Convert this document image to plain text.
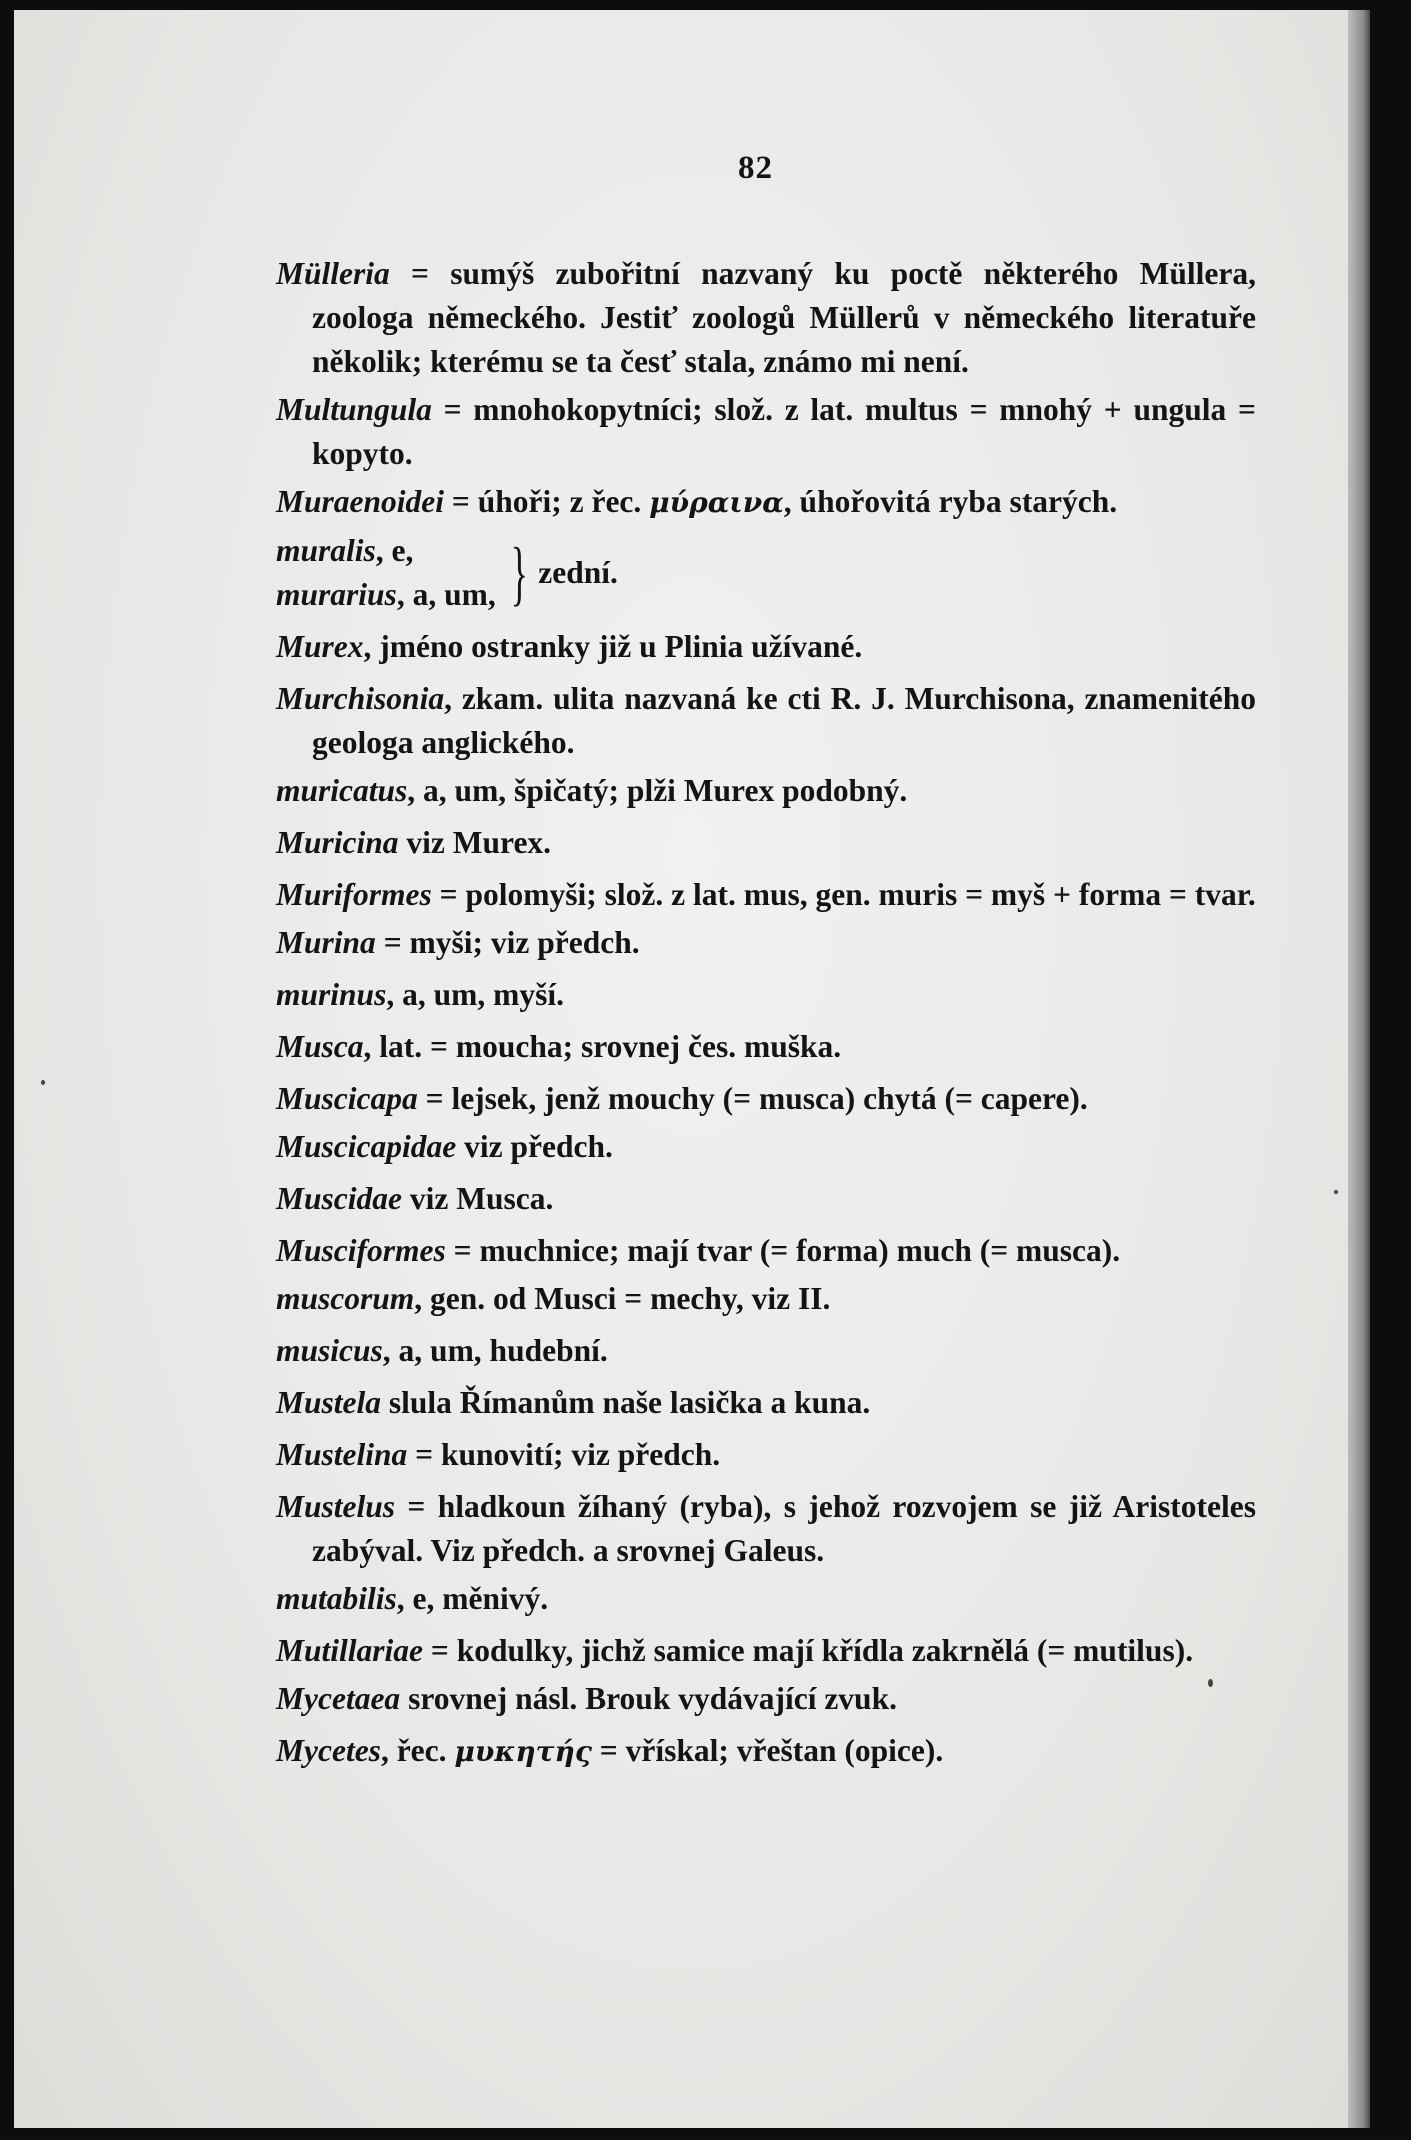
82
Mülleria = sumýš zubořitní nazvaný ku poctě některého Müllera, zoologa německého. Jestiť zoologů Müllerů v německého literatuře několik; kterému se ta česť stala, známo mi není.
Multungula = mnohokopytníci; slož. z lat. multus = mnohý + ungula = kopyto.
Muraenoidei = úhoři; z řec. μύραινα, úhořovitá ryba starých.
muralis, e,
murarius, a, um, } zední.
Murex, jméno ostranky již u Plinia užívané.
Murchisonia, zkam. ulita nazvaná ke cti R. J. Murchisona, znamenitého geologa anglického.
muricatus, a, um, špičatý; plži Murex podobný.
Muricina viz Murex.
Muriformes = polomyši; slož. z lat. mus, gen. muris = myš + forma = tvar.
Murina = myši; viz předch.
murinus, a, um, myší.
Musca, lat. = moucha; srovnej čes. muška.
Muscicapa = lejsek, jenž mouchy (= musca) chytá (= capere).
Muscicapidae viz předch.
Muscidae viz Musca.
Musciformes = muchnice; mají tvar (= forma) much (= musca).
muscorum, gen. od Musci = mechy, viz II.
musicus, a, um, hudební.
Mustela slula Římanům naše lasička a kuna.
Mustelina = kunovití; viz předch.
Mustelus = hladkoun žíhaný (ryba), s jehož rozvojem se již Aristoteles zabýval. Viz předch. a srovnej Galeus.
mutabilis, e, měnivý.
Mutillariae = kodulky, jichž samice mají křídla zakrnělá (= mutilus).
Mycetaea srovnej násl. Brouk vydávající zvuk.
Mycetes, řec. μυκητής = vřískal; vřeštan (opice).
